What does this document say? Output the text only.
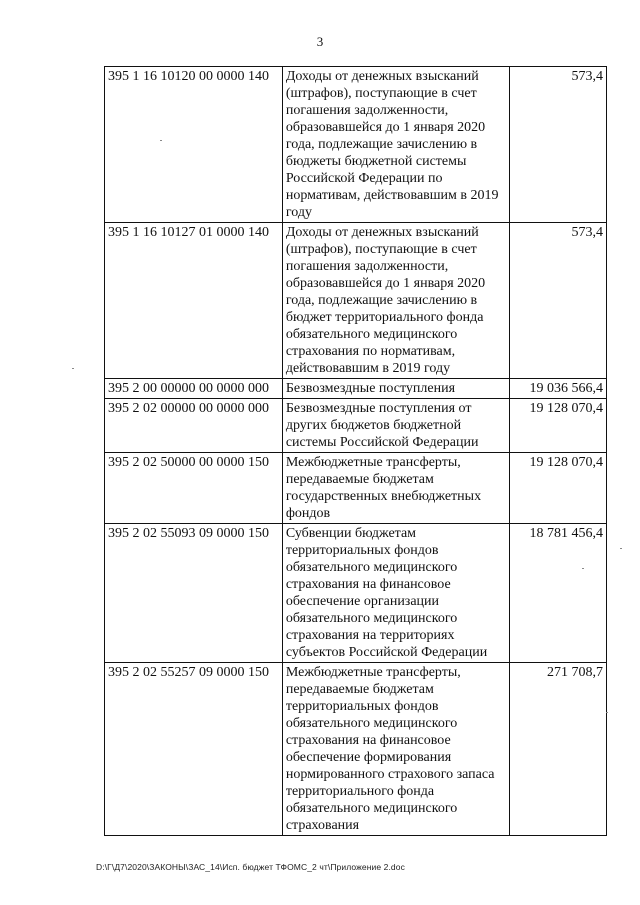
3
395 1 16 10120 00 0000 140	Доходы от денежных взысканий (штрафов), поступающие в счет погашения задолженности, образовавшейся до 1 января 2020 года, подлежащие зачислению в бюджеты бюджетной системы Российской Федерации по нормативам, действовавшим в 2019 году	573,4
395 1 16 10127 01 0000 140	Доходы от денежных взысканий (штрафов), поступающие в счет погашения задолженности, образовавшейся до 1 января 2020 года, подлежащие зачислению в бюджет территориального фонда обязательного медицинского страхования по нормативам, действовавшим в 2019 году	573,4
395 2 00 00000 00 0000 000	Безвозмездные поступления	19 036 566,4
395 2 02 00000 00 0000 000	Безвозмездные поступления от других бюджетов бюджетной системы Российской Федерации	19 128 070,4
395 2 02 50000 00 0000 150	Межбюджетные трансферты, передаваемые бюджетам государственных внебюджетных фондов	19 128 070,4
395 2 02 55093 09 0000 150	Субвенции бюджетам территориальных фондов обязательного медицинского страхования на финансовое обеспечение организации обязательного медицинского страхования на территориях субъектов Российской Федерации	18 781 456,4
395 2 02 55257 09 0000 150	Межбюджетные трансферты, передаваемые бюджетам территориальных фондов обязательного медицинского страхования на финансовое обеспечение формирования нормированного страхового запаса территориального фонда обязательного медицинского страхования	271 708,7
D:\Г\Д7\2020\ЗАКОНЫ\ЗАС_14\Исп. бюджет ТФОМС_2 чт\Приложение 2.doc
